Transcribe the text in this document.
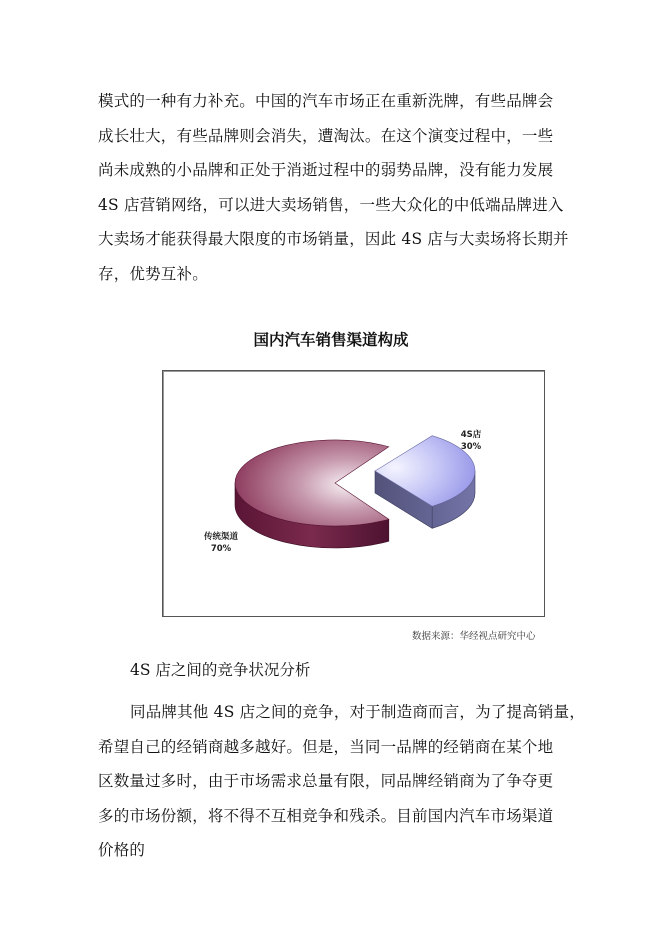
模式的一种有力补充。中国的汽车市场正在重新洗牌，有些品牌会
成长壮大，有些品牌则会消失，遭淘汰。在这个演变过程中，一些
尚未成熟的小品牌和正处于消逝过程中的弱势品牌，没有能力发展
4S 店营销网络，可以进大卖场销售，一些大众化的中低端品牌进入
大卖场才能获得最大限度的市场销量，因此 4S 店与大卖场将长期并
存，优势互补。
国内汽车销售渠道构成
4S店
30%
传统渠道
70%
数据来源：华经视点研究中心
4S 店之间的竞争状况分析
同品牌其他 4S 店之间的竞争，对于制造商而言，为了提高销量，
希望自己的经销商越多越好。但是，当同一品牌的经销商在某个地
区数量过多时，由于市场需求总量有限，同品牌经销商为了争夺更
多的市场份额，将不得不互相竞争和残杀。目前国内汽车市场渠道
价格的
